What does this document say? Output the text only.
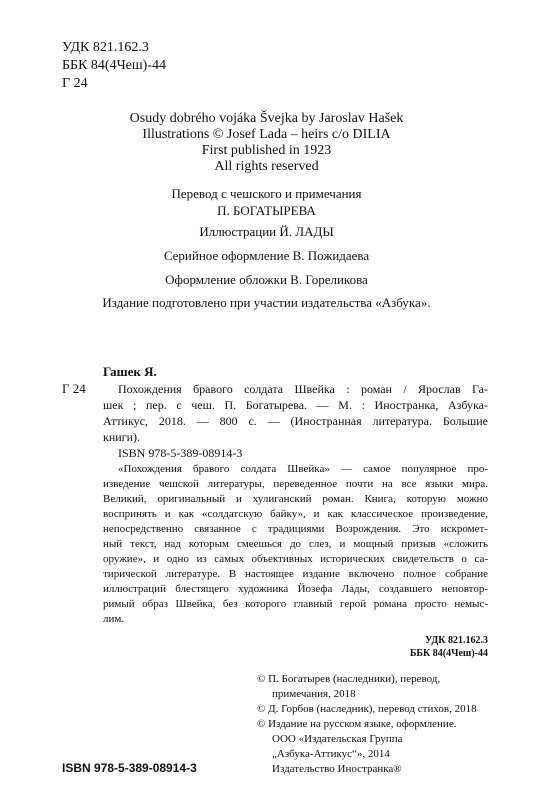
УДК 821.162.3
ББК 84(4Чеш)-44
Г 24
Osudy dobrého vojáka Švejka by Jaroslav Hašek
Illustrations © Josef Lada – heirs c/o DILIA
First published in 1923
All rights reserved
Перевод с чешского и примечания
П. БОГАТЫРЕВА
Иллюстрации Й. ЛАДЫ
Серийное оформление В. Пожидаева
Оформление обложки В. Гореликова
Издание подготовлено при участии издательства «Азбука».
Гашек Я.
Г 24	Похождения бравого солдата Швейка : роман / Ярослав Га-
шек ; пер. с чеш. П. Богатырева. — М. : Иностранка, Азбука-
Аттикус, 2018. — 800 с. — (Иностранная литература. Большие
книги).
ISBN 978-5-389-08914-3
«Похождения бравого солдата Швейка» — самое популярное про-
изведение чешской литературы, переведенное почти на все языки мира.
Великий, оригинальный и хулиганский роман. Книга, которую можно
воспринять и как «солдатскую байку», и как классическое произведение,
непосредственно связанное с традициями Возрождения. Это искромет-
ный текст, над которым смеешься до слез, и мощный призыв «сложить
оружие», и одно из самых объективных исторических свидетельств о са-
тирической литературе. В настоящее издание включено полное собрание
иллюстраций блестящего художника Йозефа Лады, создавшего неповтор-
римый образ Швейка, без которого главный герой романа просто немыс-
лим.
УДК 821.162.3
ББК 84(4Чеш)-44
© П. Богатырев (наследники), перевод,
примечания, 2018
© Д. Горбов (наследник), перевод стихов, 2018
© Издание на русском языке, оформление.
ООО «Издательская Группа
„Азбука-Аттикус“», 2014
Издательство Иностранка®
ISBN 978-5-389-08914-3
